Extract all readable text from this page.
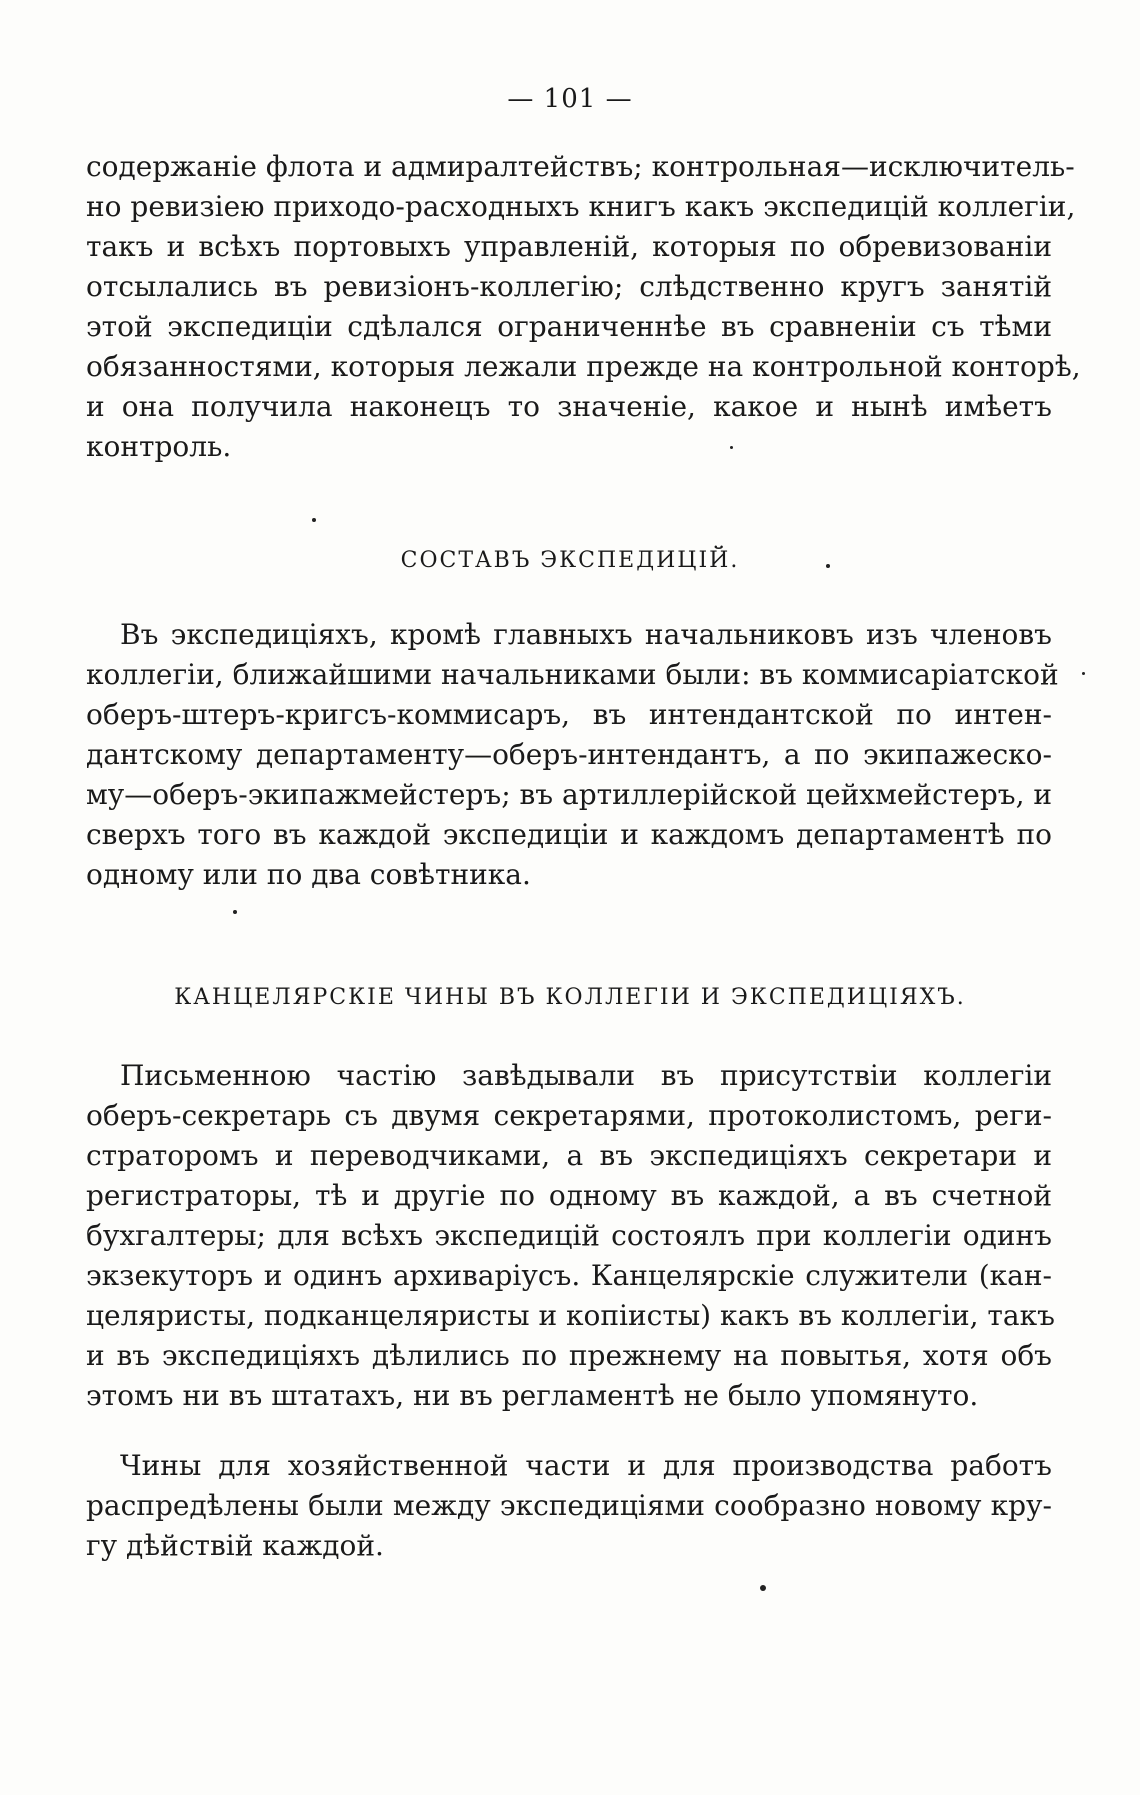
— 101 —
содержаніе флота и адмиралтействъ; контрольная—исключитель-
но ревизіею приходо-расходныхъ книгъ какъ экспедицій коллегіи,
такъ и всѣхъ портовыхъ управленій, которыя по обревизованіи
отсылались въ ревизіонъ-коллегію; слѣдственно кругъ занятій
этой экспедиціи сдѣлался ограниченнѣе въ сравненіи съ тѣми
обязанностями, которыя лежали прежде на контрольной конторѣ,
и она получила наконецъ то значеніе, какое и нынѣ имѣетъ
контроль.
СОСТАВЪ ЭКСПЕДИЦІЙ.
Въ экспедиціяхъ, кромѣ главныхъ начальниковъ изъ членовъ
коллегіи, ближайшими начальниками были: въ коммисаріатской
оберъ-штеръ-кригсъ-коммисаръ, въ интендантской по интен-
дантскому департаменту—оберъ-интендантъ, а по экипажеско-
му—оберъ-экипажмейстеръ; въ артиллерійской цейхмейстеръ, и
сверхъ того въ каждой экспедиціи и каждомъ департаментѣ по
одному или по два совѣтника.
КАНЦЕЛЯРСКІЕ ЧИНЫ ВЪ КОЛЛЕГІИ И ЭКСПЕДИЦІЯХЪ.
Письменною частію завѣдывали въ присутствіи коллегіи
оберъ-секретарь съ двумя секретарями, протоколистомъ, реги-
страторомъ и переводчиками, а въ экспедиціяхъ секретари и
регистраторы, тѣ и другіе по одному въ каждой, а въ счетной
бухгалтеры; для всѣхъ экспедицій состоялъ при коллегіи одинъ
экзекуторъ и одинъ архиваріусъ. Канцелярскіе служители (кан-
целяристы, подканцеляристы и копіисты) какъ въ коллегіи, такъ
и въ экспедиціяхъ дѣлились по прежнему на повытья, хотя объ
этомъ ни въ штатахъ, ни въ регламентѣ не было упомянуто.
Чины для хозяйственной части и для производства работъ
распредѣлены были между экспедиціями сообразно новому кру-
гу дѣйствій каждой.
